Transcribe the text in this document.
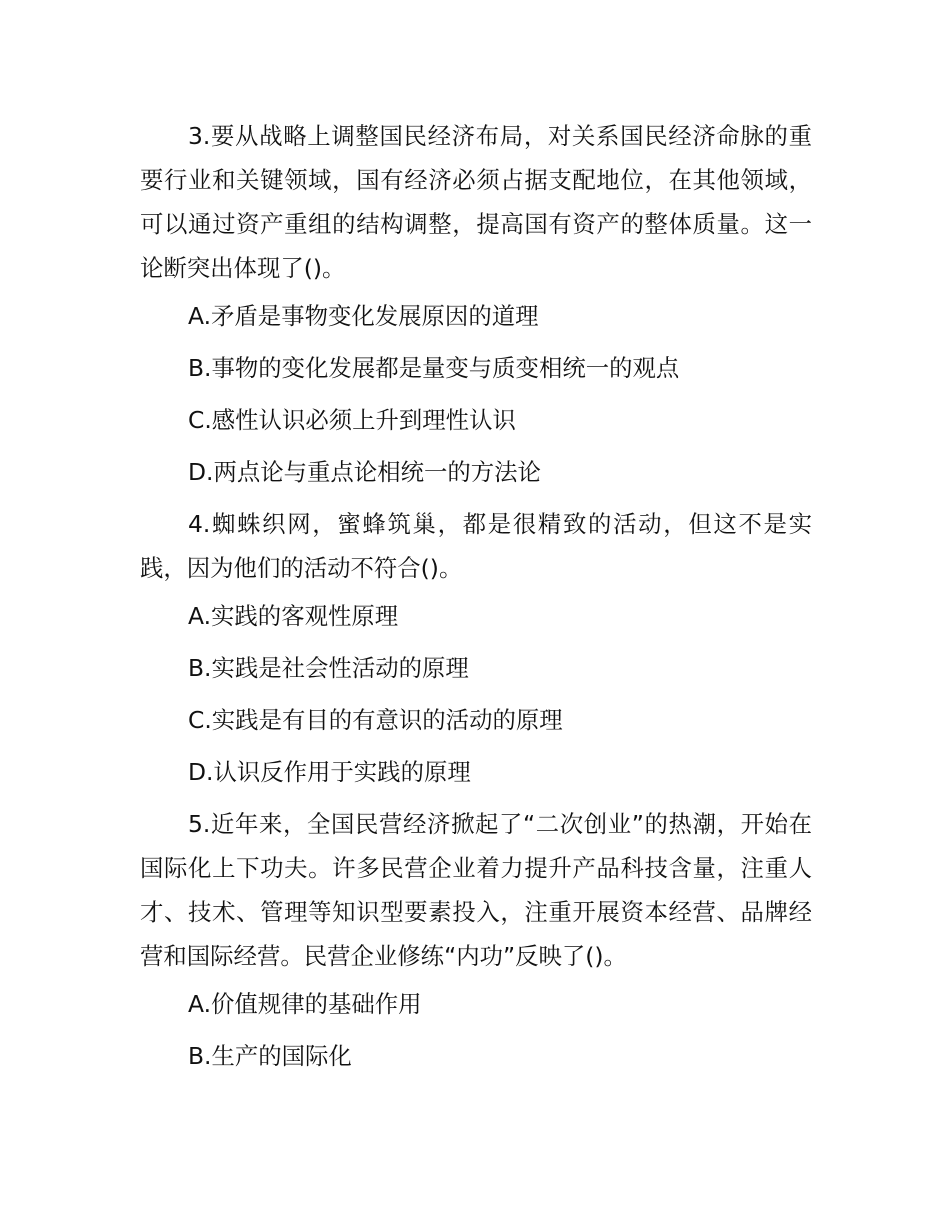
3.要从战略上调整国民经济布局，对关系国民经济命脉的重要行业和关键领域，国有经济必须占据支配地位，在其他领域，可以通过资产重组的结构调整，提高国有资产的整体质量。这一论断突出体现了()。

A.矛盾是事物变化发展原因的道理

B.事物的变化发展都是量变与质变相统一的观点

C.感性认识必须上升到理性认识

D.两点论与重点论相统一的方法论

4.蜘蛛织网，蜜蜂筑巢，都是很精致的活动，但这不是实践，因为他们的活动不符合()。

A.实践的客观性原理

B.实践是社会性活动的原理

C.实践是有目的有意识的活动的原理

D.认识反作用于实践的原理

5.近年来，全国民营经济掀起了“二次创业”的热潮，开始在国际化上下功夫。许多民营企业着力提升产品科技含量，注重人才、技术、管理等知识型要素投入，注重开展资本经营、品牌经营和国际经营。民营企业修练“内功”反映了()。

A.价值规律的基础作用

B.生产的国际化
